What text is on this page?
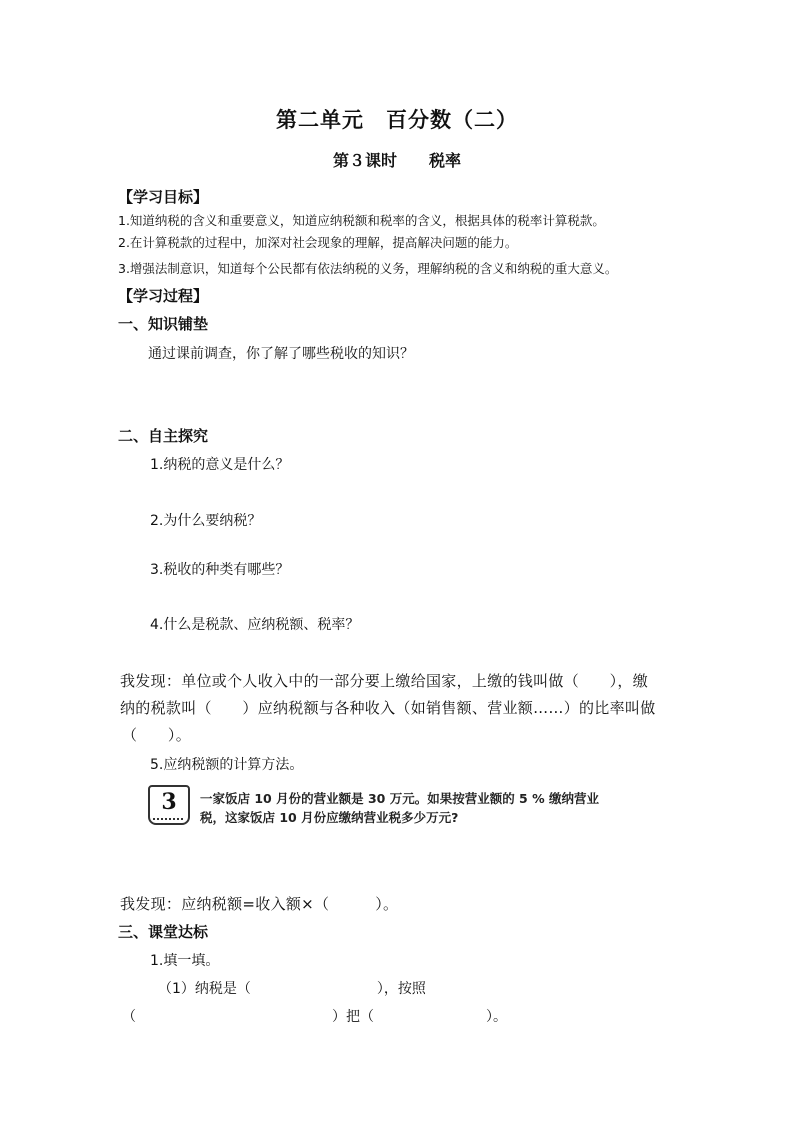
第二单元　百分数（二）
第３课时　　税率
【学习目标】
1.知道纳税的含义和重要意义，知道应纳税额和税率的含义，根据具体的税率计算税款。
2.在计算税款的过程中，加深对社会现象的理解，提高解决问题的能力。
3.增强法制意识，知道每个公民都有依法纳税的义务，理解纳税的含义和纳税的重大意义。
【学习过程】
一、知识铺垫
通过课前调查，你了解了哪些税收的知识？
二、自主探究
1.纳税的意义是什么？
2.为什么要纳税？
3.税收的种类有哪些？
4.什么是税款、应纳税额、税率？
我发现：单位或个人收入中的一部分要上缴给国家，上缴的钱叫做（　　），缴
纳的税款叫（　　）应纳税额与各种收入（如销售额、营业额……）的比率叫做
（　　）。
5.应纳税额的计算方法。
3	一家饭店 10 月份的营业额是 30 万元。如果按营业额的 5 % 缴纳营业
税，这家饭店 10 月份应缴纳营业税多少万元?
我发现：应纳税额=收入额×（　　　）。
三、课堂达标
1.填一填。
（1）纳税是（　　　　　　　　　），按照
（　　　　　　　　　　　　　　）把（　　　　　　　　）。
